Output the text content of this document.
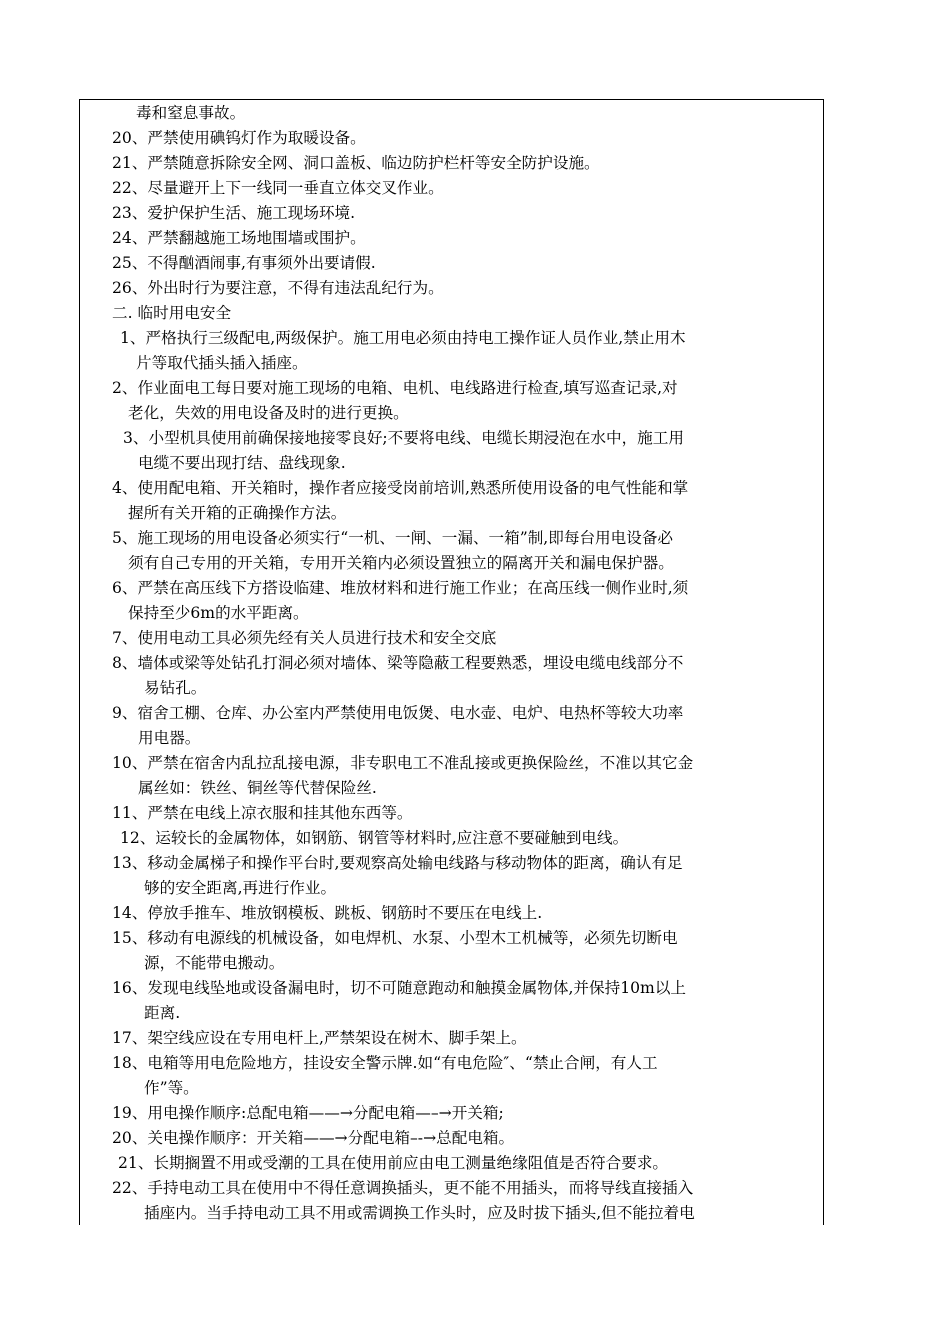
毒和窒息事故。
20、严禁使用碘钨灯作为取暖设备。
21、严禁随意拆除安全网、洞口盖板、临边防护栏杆等安全防护设施。
22、尽量避开上下一线同一垂直立体交叉作业。
23、爱护保护生活、施工现场环境.
24、严禁翻越施工场地围墙或围护。
25、不得酗酒闹事,有事须外出要请假.
26、外出时行为要注意，不得有违法乱纪行为。
二. 临时用电安全
1、严格执行三级配电,两级保护。施工用电必须由持电工操作证人员作业,禁止用木
片等取代插头插入插座。
2、作业面电工每日要对施工现场的电箱、电机、电线路进行检查,填写巡查记录,对
老化，失效的用电设备及时的进行更换。
3、小型机具使用前确保接地接零良好;不要将电线、电缆长期浸泡在水中，施工用
电缆不要出现打结、盘线现象.
4、使用配电箱、开关箱时，操作者应接受岗前培训,熟悉所使用设备的电气性能和掌
握所有关开箱的正确操作方法。
5、施工现场的用电设备必须实行“一机、一闸、一漏、一箱”制,即每台用电设备必
须有自己专用的开关箱，专用开关箱内必须设置独立的隔离开关和漏电保护器。
6、严禁在高压线下方搭设临建、堆放材料和进行施工作业；在高压线一侧作业时,须
保持至少6m的水平距离。
7、使用电动工具必须先经有关人员进行技术和安全交底
8、墙体或梁等处钻孔打洞必须对墙体、梁等隐蔽工程要熟悉，埋设电缆电线部分不
易钻孔。
9、宿舍工棚、仓库、办公室内严禁使用电饭煲、电水壶、电炉、电热杯等较大功率
用电器。
10、严禁在宿舍内乱拉乱接电源，非专职电工不准乱接或更换保险丝，不准以其它金
属丝如：铁丝、铜丝等代替保险丝.
11、严禁在电线上凉衣服和挂其他东西等。
12、运较长的金属物体，如钢筋、钢管等材料时,应注意不要碰触到电线。
13、移动金属梯子和操作平台时,要观察高处输电线路与移动物体的距离，确认有足
够的安全距离,再进行作业。
14、停放手推车、堆放钢模板、跳板、钢筋时不要压在电线上.
15、移动有电源线的机械设备，如电焊机、水泵、小型木工机械等，必须先切断电
源，不能带电搬动。
16、发现电线坠地或设备漏电时，切不可随意跑动和触摸金属物体,并保持10m以上
距离.
17、架空线应设在专用电杆上,严禁架设在树木、脚手架上。
18、电箱等用电危险地方，挂设安全警示牌.如“有电危险″、“禁止合闸，有人工
作”等。
19、用电操作顺序:总配电箱——→分配电箱—–→开关箱;
20、关电操作顺序：开关箱——→分配电箱–-→总配电箱。
21、长期搁置不用或受潮的工具在使用前应由电工测量绝缘阻值是否符合要求。
22、手持电动工具在使用中不得任意调换插头，更不能不用插头，而将导线直接插入
插座内。当手持电动工具不用或需调换工作头时，应及时拔下插头,但不能拉着电
